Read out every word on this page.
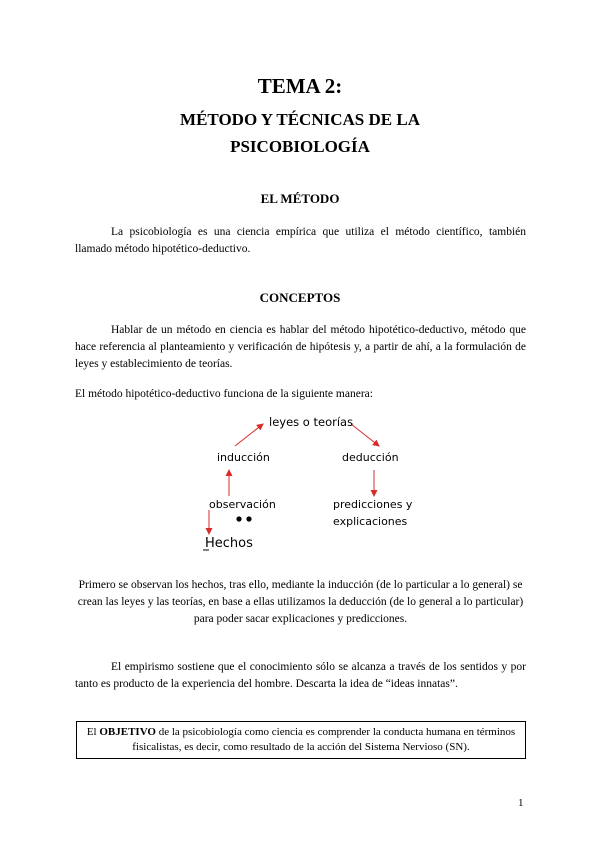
TEMA 2:
MÉTODO Y TÉCNICAS DE LA
PSICOBIOLOGÍA
EL MÉTODO
La psicobiología es una ciencia empírica que utiliza el método científico, también llamado método hipotético-deductivo.
CONCEPTOS
Hablar de un método en ciencia es hablar del método hipotético-deductivo, método que hace referencia al planteamiento y verificación de hipótesis y, a partir de ahí, a la formulación de leyes y establecimiento de teorías.
El método hipotético-deductivo funciona de la siguiente manera:
leyes o teorías
inducción	deducción
observación	predicciones y
explicaciones
Hechos
Primero se observan los hechos, tras ello, mediante la inducción (de lo particular a lo general) se crean las leyes y las teorías, en base a ellas utilizamos la deducción (de lo general a lo particular) para poder sacar explicaciones y predicciones.
El empirismo sostiene que el conocimiento sólo se alcanza a través de los sentidos y por tanto es producto de la experiencia del hombre. Descarta la idea de “ideas innatas”.
El OBJETIVO de la psicobiología como ciencia es comprender la conducta humana en términos fisicalistas, es decir, como resultado de la acción del Sistema Nervioso (SN).
1
